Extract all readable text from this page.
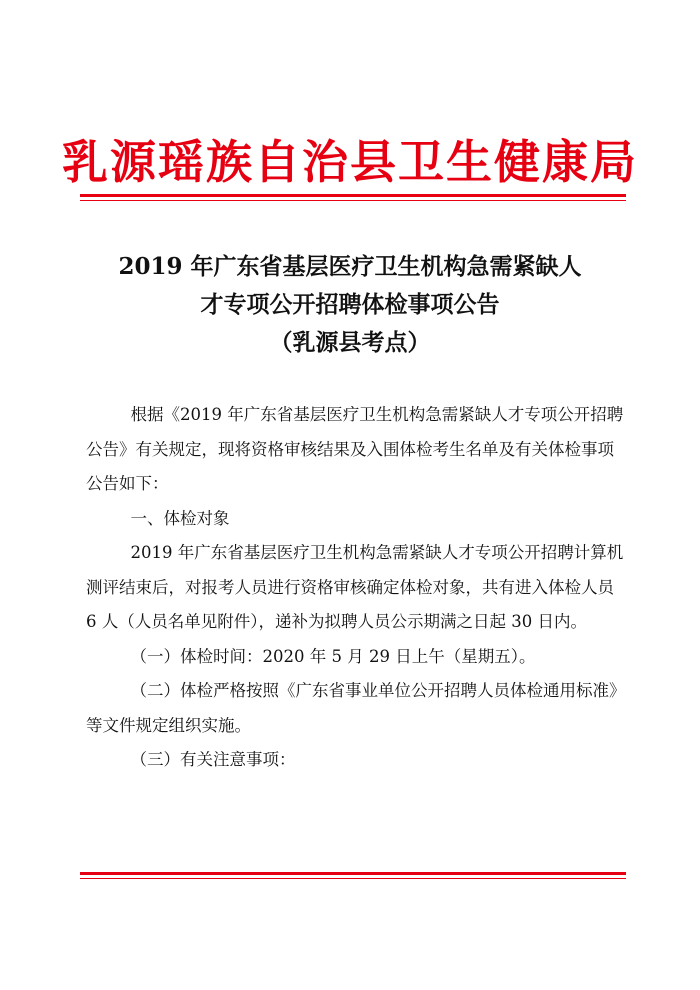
乳源瑶族自治县卫生健康局
2019 年广东省基层医疗卫生机构急需紧缺人
才专项公开招聘体检事项公告
（乳源县考点）

根据《2019 年广东省基层医疗卫生机构急需紧缺人才专项公开招聘公告》有关规定，现将资格审核结果及入围体检考生名单及有关体检事项公告如下：

一、体检对象

2019 年广东省基层医疗卫生机构急需紧缺人才专项公开招聘计算机测评结束后，对报考人员进行资格审核确定体检对象，共有进入体检人员 6 人（人员名单见附件），递补为拟聘人员公示期满之日起 30 日内。

（一）体检时间：2020 年 5 月 29 日上午（星期五）。

（二）体检严格按照《广东省事业单位公开招聘人员体检通用标准》等文件规定组织实施。

（三）有关注意事项：
